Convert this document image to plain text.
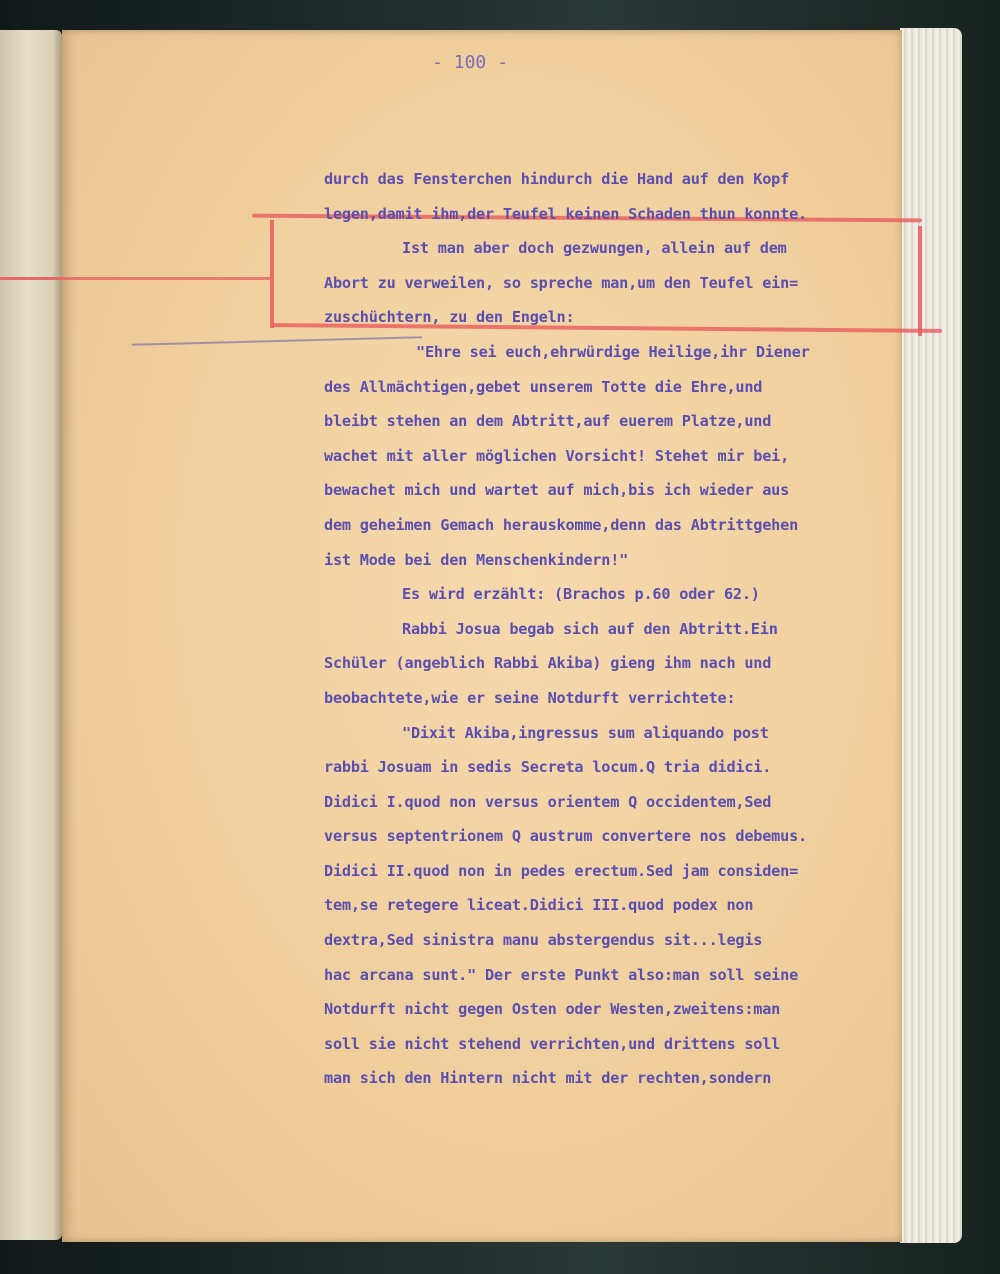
- 100 -
durch das Fensterchen hindurch die Hand auf den Kopf
legen,damit ihm,der Teufel keinen Schaden thun konnte.
Ist man aber doch gezwungen, allein auf dem
Abort zu verweilen, so spreche man,um den Teufel ein=
zuschüchtern, zu den Engeln:
"Ehre sei euch,ehrwürdige Heilige,ihr Diener
des Allmächtigen,gebet unserem Totte die Ehre,und
bleibt stehen an dem Abtritt,auf euerem Platze,und
wachet mit aller möglichen Vorsicht! Stehet mir bei,
bewachet mich und wartet auf mich,bis ich wieder aus
dem geheimen Gemach herauskomme,denn das Abtrittgehen
ist Mode bei den Menschenkindern!"
Es wird erzählt: (Brachos p.60 oder 62.)
Rabbi Josua begab sich auf den Abtritt.Ein
Schüler (angeblich Rabbi Akiba) gieng ihm nach und
beobachtete,wie er seine Notdurft verrichtete:
"Dixit Akiba,ingressus sum aliquando post
rabbi Josuam in sedis Secreta locum.Q tria didici.
Didici I.quod non versus orientem Q occidentem,Sed
versus septentrionem Q austrum convertere nos debemus.
Didici II.quod non in pedes erectum.Sed jam considen=
tem,se retegere liceat.Didici III.quod podex non
dextra,Sed sinistra manu abstergendus sit...legis
hac arcana sunt." Der erste Punkt also:man soll seine
Notdurft nicht gegen Osten oder Westen,zweitens:man
soll sie nicht stehend verrichten,und drittens soll
man sich den Hintern nicht mit der rechten,sondern
